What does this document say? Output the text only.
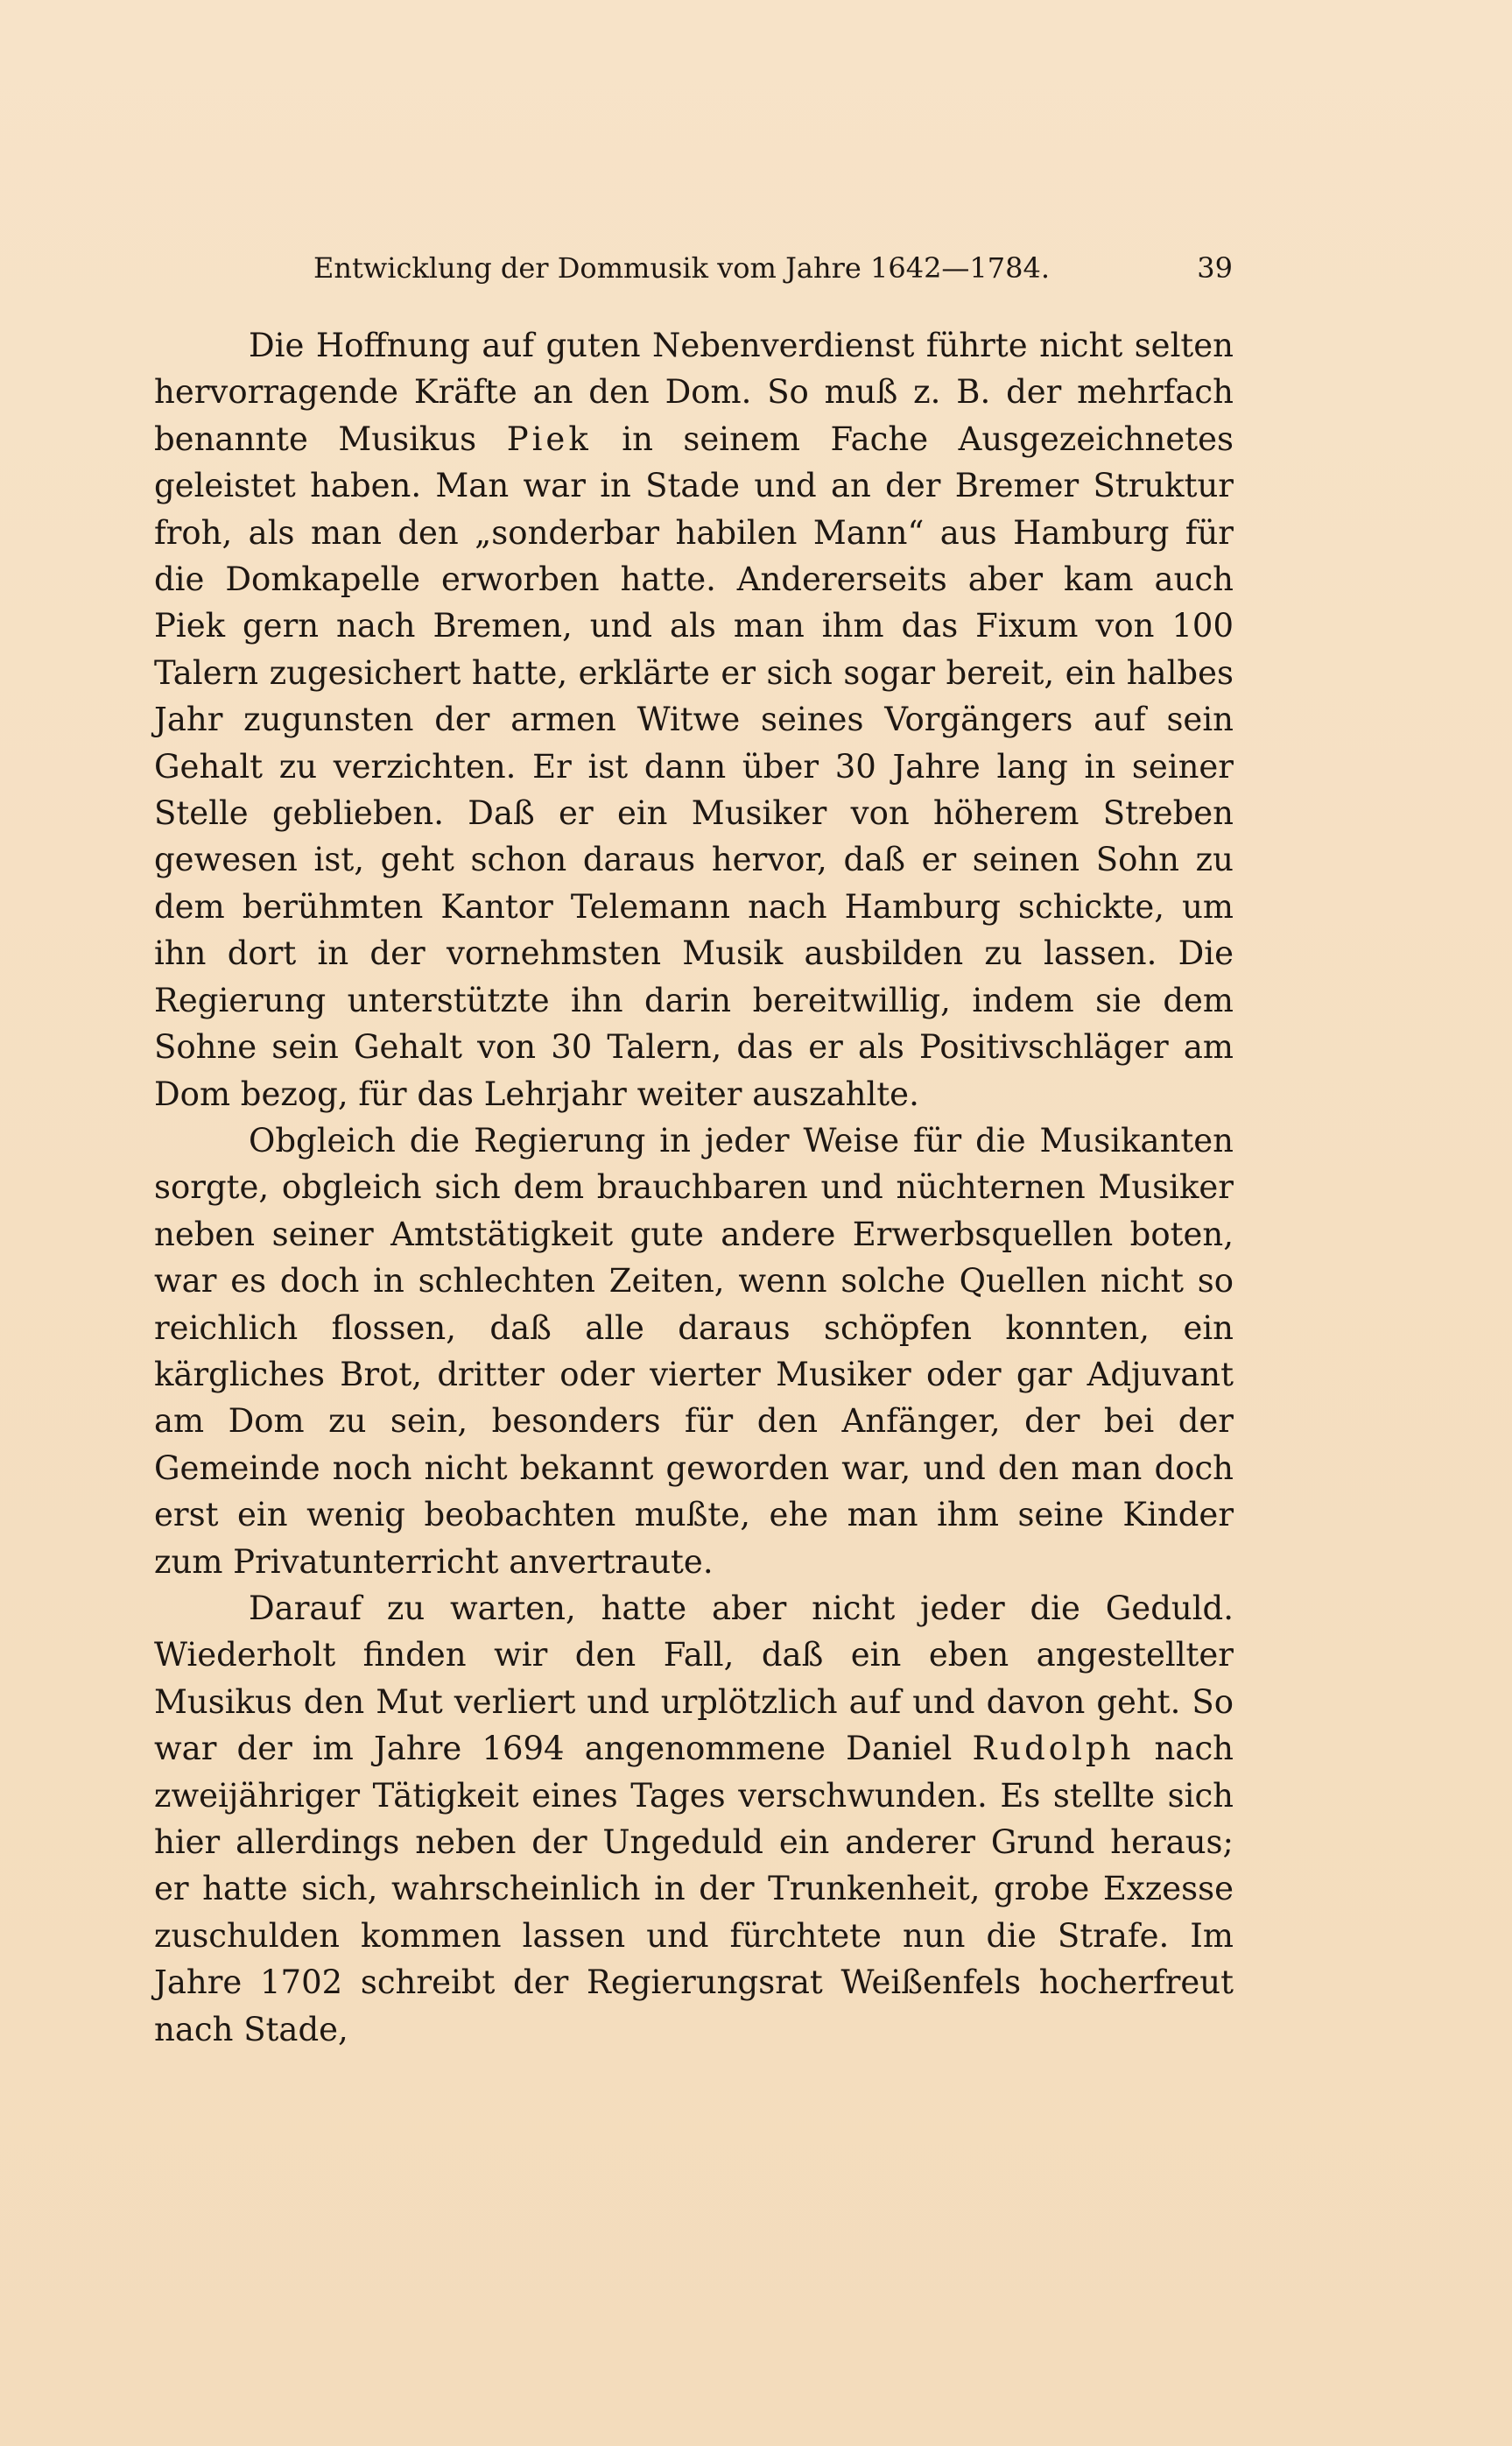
Entwicklung der Dommusik vom Jahre 1642—1784.	39

Die Hoffnung auf guten Nebenverdienst führte nicht selten hervorragende Kräfte an den Dom. So muß z. B. der mehrfach benannte Musikus Piek in seinem Fache Ausgezeichnetes geleistet haben. Man war in Stade und an der Bremer Struktur froh, als man den „sonderbar habilen Mann“ aus Hamburg für die Domkapelle erworben hatte. Andererseits aber kam auch Piek gern nach Bremen, und als man ihm das Fixum von 100 Talern zugesichert hatte, erklärte er sich sogar bereit, ein halbes Jahr zugunsten der armen Witwe seines Vorgängers auf sein Gehalt zu verzichten. Er ist dann über 30 Jahre lang in seiner Stelle geblieben. Daß er ein Musiker von höherem Streben gewesen ist, geht schon daraus hervor, daß er seinen Sohn zu dem berühmten Kantor Telemann nach Hamburg schickte, um ihn dort in der vornehmsten Musik ausbilden zu lassen. Die Regierung unterstützte ihn darin bereitwillig, indem sie dem Sohne sein Gehalt von 30 Talern, das er als Positivschläger am Dom bezog, für das Lehrjahr weiter auszahlte.

Obgleich die Regierung in jeder Weise für die Musikanten sorgte, obgleich sich dem brauchbaren und nüchternen Musiker neben seiner Amtstätigkeit gute andere Erwerbsquellen boten, war es doch in schlechten Zeiten, wenn solche Quellen nicht so reichlich flossen, daß alle daraus schöpfen konnten, ein kärgliches Brot, dritter oder vierter Musiker oder gar Adjuvant am Dom zu sein, besonders für den Anfänger, der bei der Gemeinde noch nicht bekannt geworden war, und den man doch erst ein wenig beobachten mußte, ehe man ihm seine Kinder zum Privatunterricht anvertraute.

Darauf zu warten, hatte aber nicht jeder die Geduld. Wiederholt finden wir den Fall, daß ein eben angestellter Musikus den Mut verliert und urplötzlich auf und davon geht. So war der im Jahre 1694 angenommene Daniel Rudolph nach zweijähriger Tätigkeit eines Tages verschwunden. Es stellte sich hier allerdings neben der Ungeduld ein anderer Grund heraus; er hatte sich, wahrscheinlich in der Trunkenheit, grobe Exzesse zuschulden kommen lassen und fürchtete nun die Strafe. Im Jahre 1702 schreibt der Regierungsrat Weißenfels hocherfreut nach Stade,
